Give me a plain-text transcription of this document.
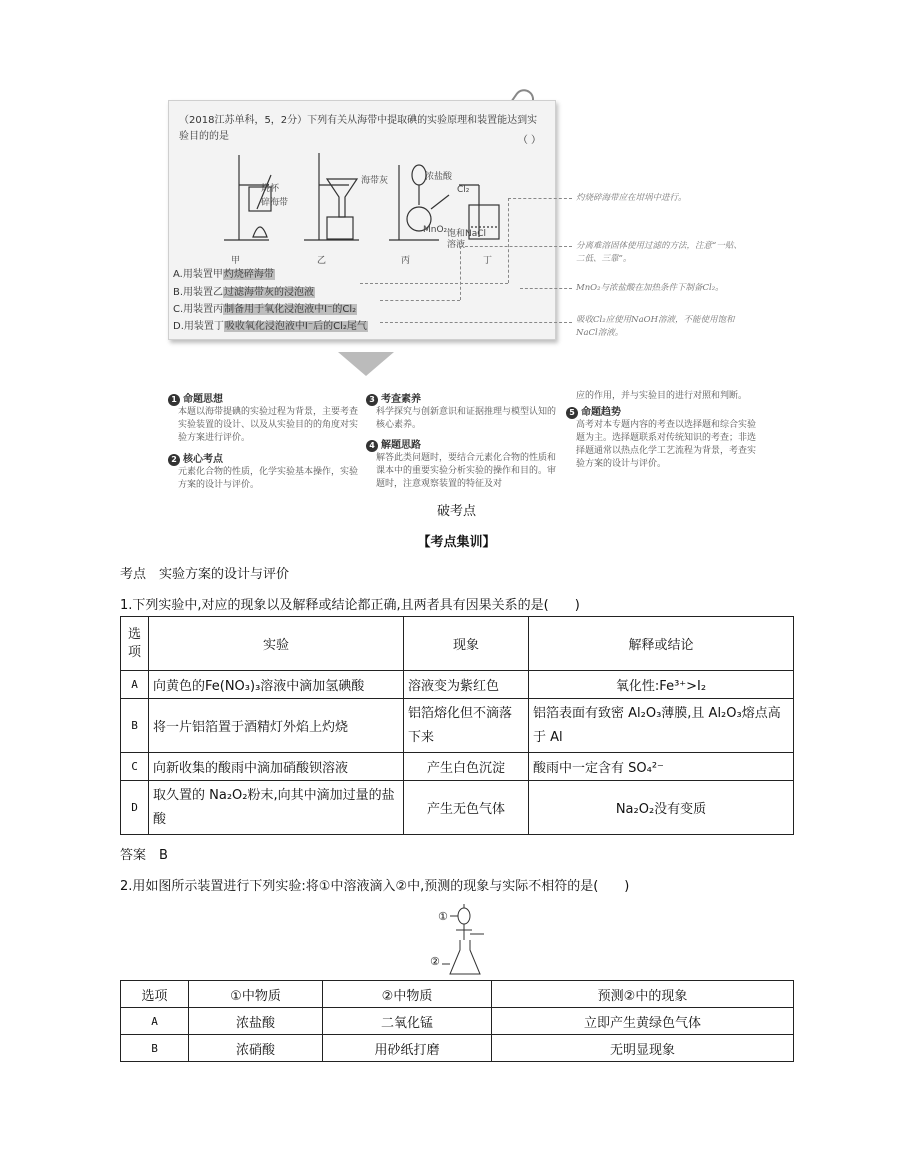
（2018江苏单科，5，2分）下列有关从海带中提取碘的实验原理和装置能达到实验目的的是	（ ）
烧杯
碎海带
海带灰	浓盐酸
MnO₂
Cl₂
饱和NaCl溶液
甲	乙	丙	丁
A.用装置甲灼烧碎海带
B.用装置乙过滤海带灰的浸泡液
C.用装置丙制备用于氧化浸泡液中I⁻的Cl₂
D.用装置丁吸收氧化浸泡液中I⁻后的Cl₂尾气
灼烧碎海带应在坩埚中进行。
分离难溶固体使用过滤的方法，注意“一贴、二低、三靠”。
MnO₂与浓盐酸在加热条件下制备Cl₂。
吸收Cl₂应使用NaOH溶液，不能使用饱和NaCl溶液。
1 命题思想
本题以海带提碘的实验过程为背景，主要考查实验装置的设计、以及从实验目的的角度对实验方案进行评价。
2 核心考点
元素化合物的性质，化学实验基本操作，实验方案的设计与评价。
3 考查素养
科学探究与创新意识和证据推理与模型认知的核心素养。
4 解题思路
解答此类问题时，要结合元素化合物的性质和课本中的重要实验分析实验的操作和目的。审题时，注意观察装置的特征及对
应的作用，并与实验目的进行对照和判断。
5 命题趋势
高考对本专题内容的考查以选择题和综合实验题为主。选择题联系对传统知识的考查；非选择题通常以热点化学工艺流程为背景，考查实验方案的设计与评价。
破考点
【考点集训】
考点　实验方案的设计与评价
1.下列实验中,对应的现象以及解释或结论都正确,且两者具有因果关系的是(　　)
选项	实验	现象	解释或结论
A	向黄色的Fe(NO₃)₃溶液中滴加氢碘酸	溶液变为紫红色	氧化性:Fe³⁺>I₂
B	将一片铝箔置于酒精灯外焰上灼烧	铝箔熔化但不滴落下来	铝箔表面有致密 Al₂O₃薄膜,且 Al₂O₃熔点高于 Al
C	向新收集的酸雨中滴加硝酸钡溶液	产生白色沉淀	酸雨中一定含有 SO₄²⁻
D	取久置的 Na₂O₂粉末,向其中滴加过量的盐酸	产生无色气体	Na₂O₂没有变质
答案　B
2.用如图所示装置进行下列实验:将①中溶液滴入②中,预测的现象与实际不相符的是(　　)
①
②
选项	①中物质	②中物质	预测②中的现象
A	浓盐酸	二氧化锰	立即产生黄绿色气体
B	浓硝酸	用砂纸打磨	无明显现象
